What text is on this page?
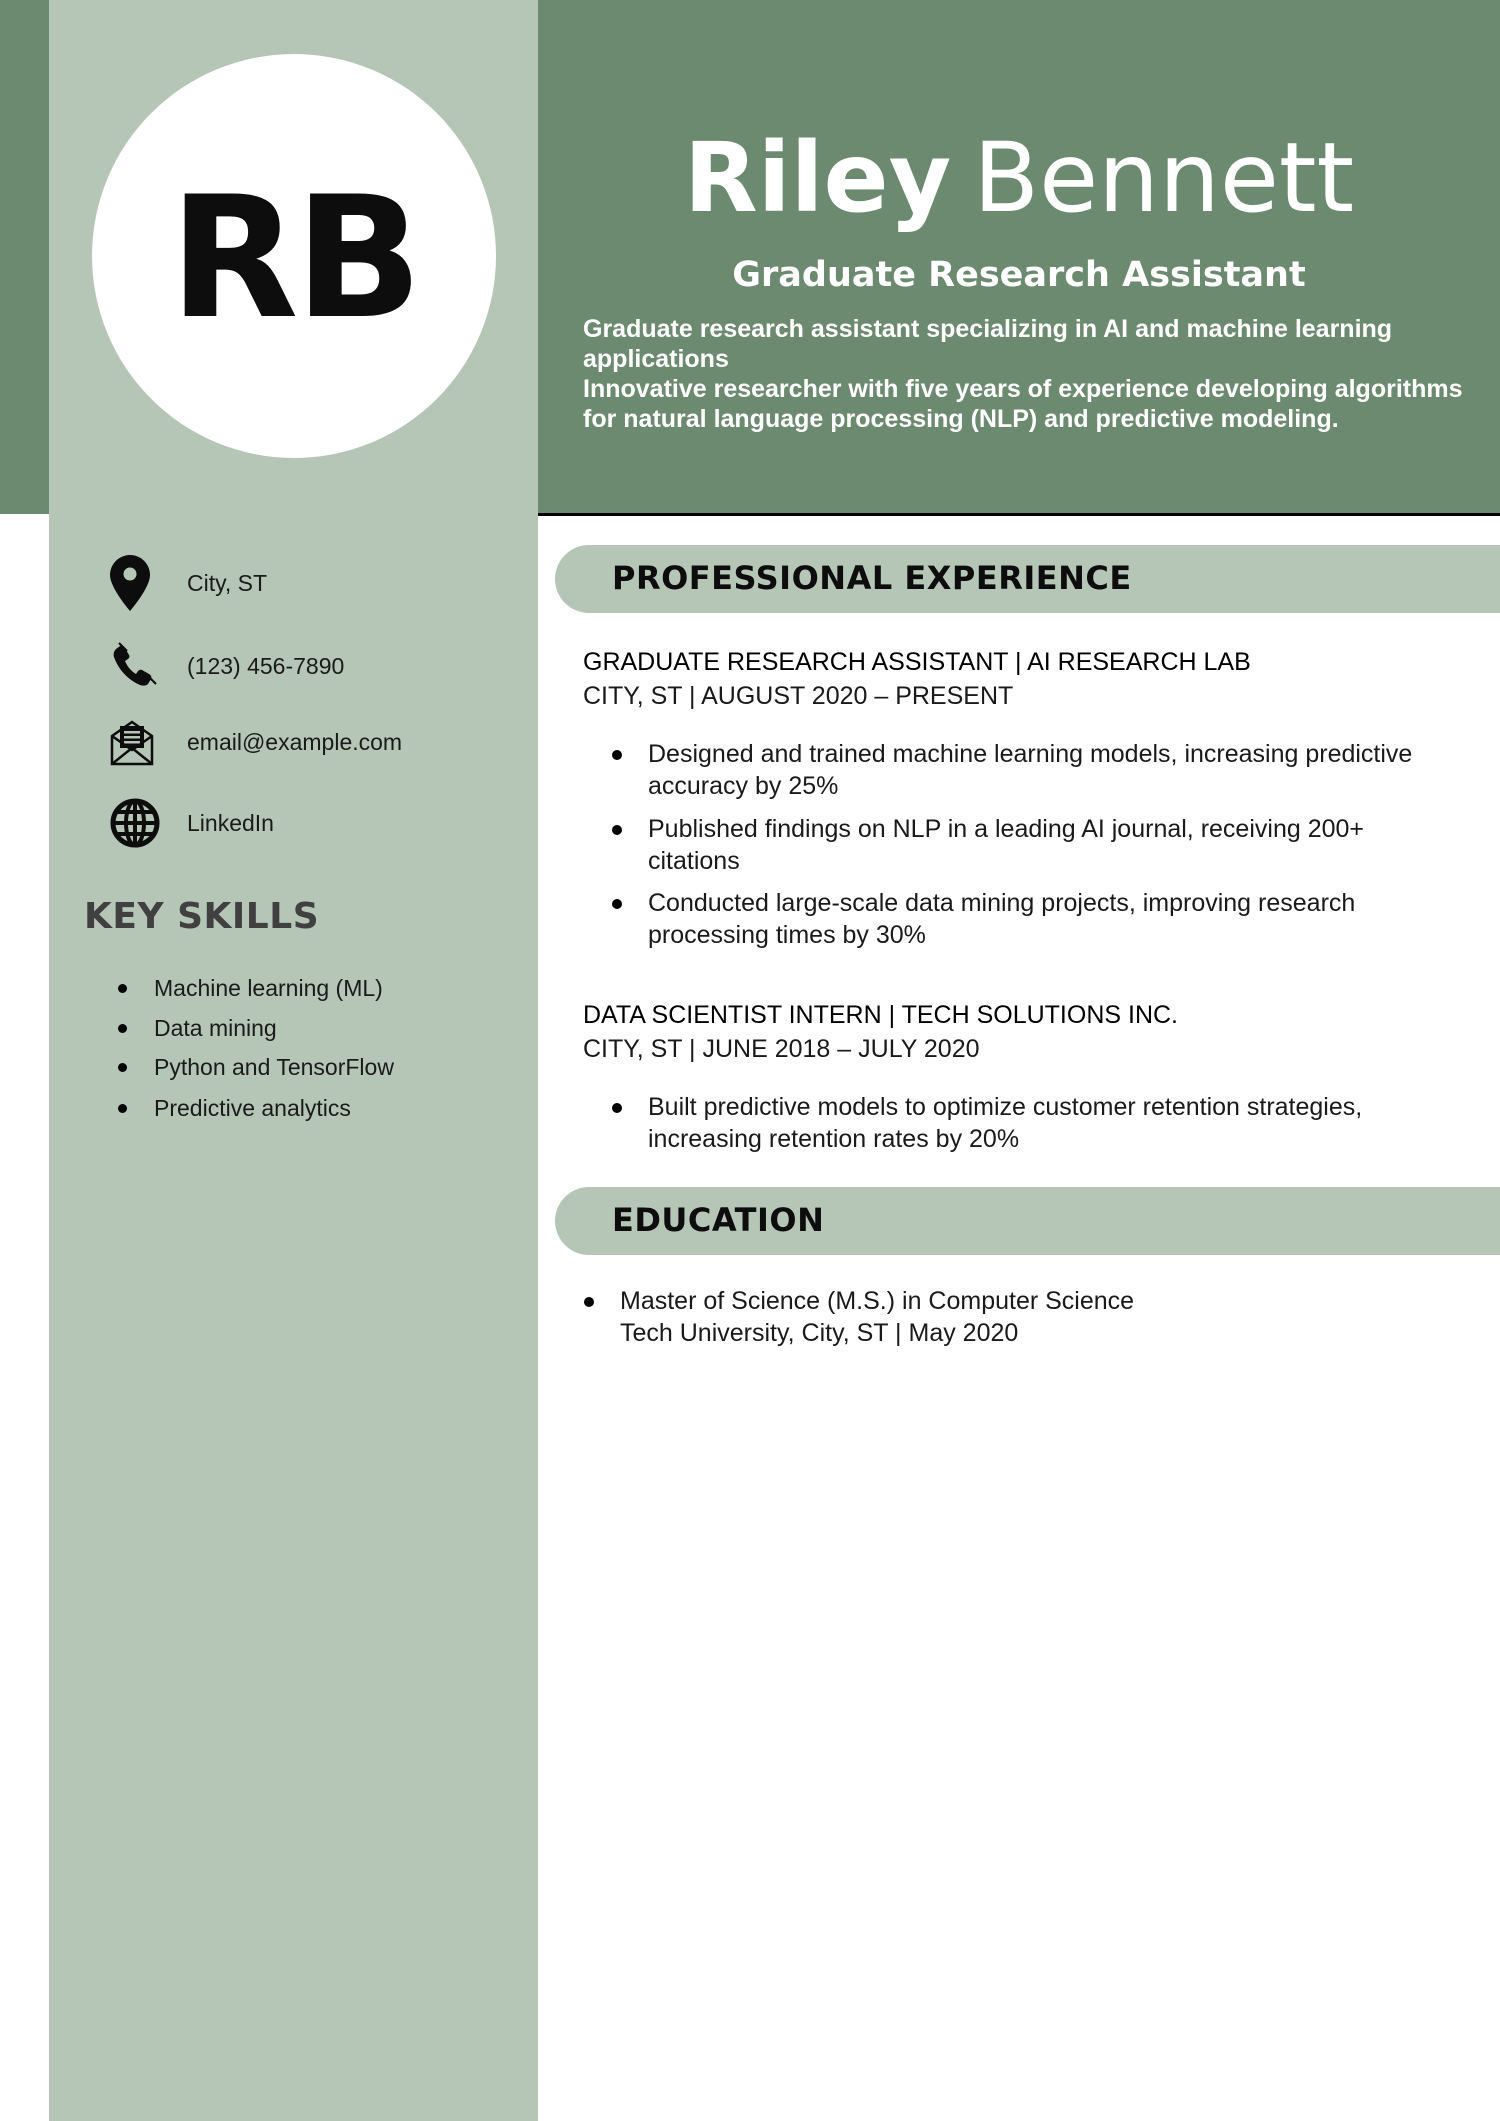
RB	Riley Bennett
Graduate Research Assistant
Graduate research assistant specializing in AI and machine learning applications
Innovative researcher with five years of experience developing algorithms for natural language processing (NLP) and predictive modeling.
City, ST
(123) 456-7890
email@example.com
LinkedIn
KEY SKILLS
Machine learning (ML)
Data mining
Python and TensorFlow
Predictive analytics
PROFESSIONAL EXPERIENCE
GRADUATE RESEARCH ASSISTANT | AI RESEARCH LAB
CITY, ST | AUGUST 2020 – PRESENT
Designed and trained machine learning models, increasing predictive accuracy by 25%
Published findings on NLP in a leading AI journal, receiving 200+ citations
Conducted large-scale data mining projects, improving research processing times by 30%
DATA SCIENTIST INTERN | TECH SOLUTIONS INC.
CITY, ST | JUNE 2018 – JULY 2020
Built predictive models to optimize customer retention strategies, increasing retention rates by 20%
EDUCATION
Master of Science (M.S.) in Computer Science
Tech University, City, ST | May 2020
